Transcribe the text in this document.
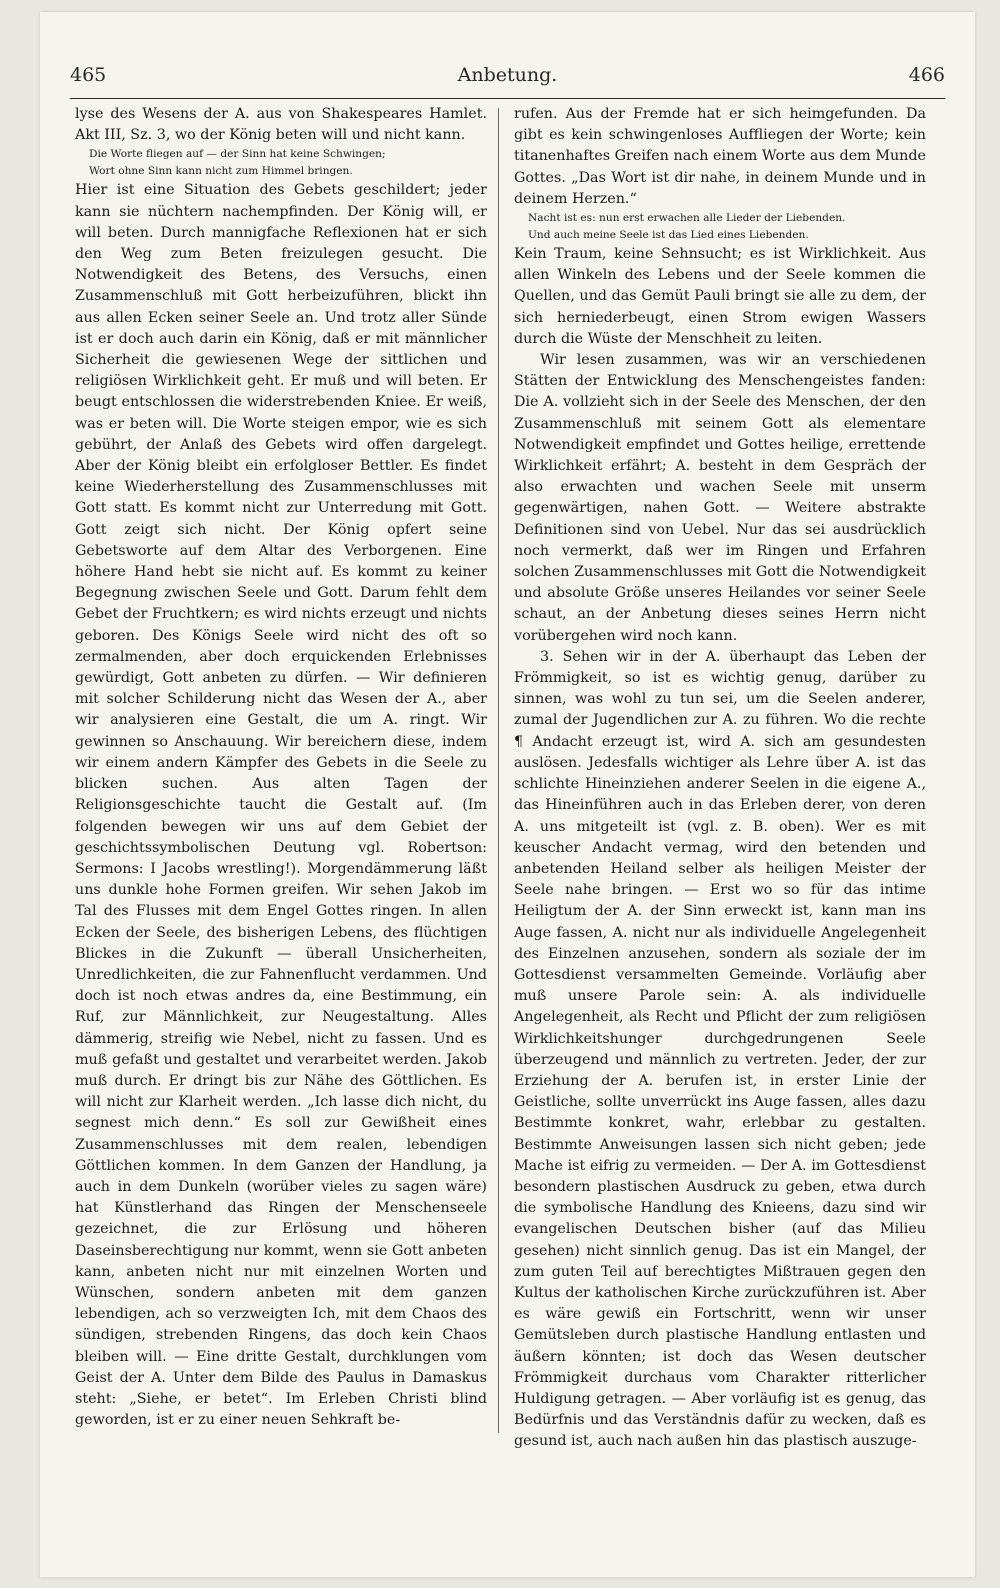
465	Anbetung.	466

lyse des Wesens der A. aus von Shakespeares Hamlet. Akt III, Sz. 3, wo der König beten will und nicht kann.

Die Worte fliegen auf — der Sinn hat keine Schwingen;

Wort ohne Sinn kann nicht zum Himmel bringen.

Hier ist eine Situation des Gebets geschildert; jeder kann sie nüchtern nachempfinden. Der König will, er will beten. Durch mannigfache Reflexionen hat er sich den Weg zum Beten freizulegen gesucht. Die Notwendigkeit des Betens, des Versuchs, einen Zusammenschluß mit Gott herbeizuführen, blickt ihn aus allen Ecken seiner Seele an. Und trotz aller Sünde ist er doch auch darin ein König, daß er mit männlicher Sicherheit die gewiesenen Wege der sittlichen und religiösen Wirklichkeit geht. Er muß und will beten. Er beugt entschlossen die widerstrebenden Kniee. Er weiß, was er beten will. Die Worte steigen empor, wie es sich gebührt, der Anlaß des Gebets wird offen dargelegt. Aber der König bleibt ein erfolgloser Bettler. Es findet keine Wiederherstellung des Zusammenschlusses mit Gott statt. Es kommt nicht zur Unterredung mit Gott. Gott zeigt sich nicht. Der König opfert seine Gebetsworte auf dem Altar des Verborgenen. Eine höhere Hand hebt sie nicht auf. Es kommt zu keiner Begegnung zwischen Seele und Gott. Darum fehlt dem Gebet der Fruchtkern; es wird nichts erzeugt und nichts geboren. Des Königs Seele wird nicht des oft so zermalmenden, aber doch erquickenden Erlebnisses gewürdigt, Gott anbeten zu dürfen. — Wir definieren mit solcher Schilderung nicht das Wesen der A., aber wir analysieren eine Gestalt, die um A. ringt. Wir gewinnen so Anschauung. Wir bereichern diese, indem wir einem andern Kämpfer des Gebets in die Seele zu blicken suchen. Aus alten Tagen der Religionsgeschichte taucht die Gestalt auf. (Im folgenden bewegen wir uns auf dem Gebiet der geschichtssymbolischen Deutung vgl. Robertson: Sermons: I Jacobs wrestling!). Morgendämmerung läßt uns dunkle hohe Formen greifen. Wir sehen Jakob im Tal des Flusses mit dem Engel Gottes ringen. In allen Ecken der Seele, des bisherigen Lebens, des flüchtigen Blickes in die Zukunft — überall Unsicherheiten, Unredlichkeiten, die zur Fahnenflucht verdammen. Und doch ist noch etwas andres da, eine Bestimmung, ein Ruf, zur Männlichkeit, zur Neugestaltung. Alles dämmerig, streifig wie Nebel, nicht zu fassen. Und es muß gefaßt und gestaltet und verarbeitet werden. Jakob muß durch. Er dringt bis zur Nähe des Göttlichen. Es will nicht zur Klarheit werden. „Ich lasse dich nicht, du segnest mich denn.“ Es soll zur Gewißheit eines Zusammenschlusses mit dem realen, lebendigen Göttlichen kommen. In dem Ganzen der Handlung, ja auch in dem Dunkeln (worüber vieles zu sagen wäre) hat Künstlerhand das Ringen der Menschenseele gezeichnet, die zur Erlösung und höheren Daseinsberechtigung nur kommt, wenn sie Gott anbeten kann, anbeten nicht nur mit einzelnen Worten und Wünschen, sondern anbeten mit dem ganzen lebendigen, ach so verzweigten Ich, mit dem Chaos des sündigen, strebenden Ringens, das doch kein Chaos bleiben will. — Eine dritte Gestalt, durchklungen vom Geist der A. Unter dem Bilde des Paulus in Damaskus steht: „Siehe, er betet“. Im Erleben Christi blind geworden, ist er zu einer neuen Sehkraft be-

rufen. Aus der Fremde hat er sich heimgefunden. Da gibt es kein schwingenloses Auffliegen der Worte; kein titanenhaftes Greifen nach einem Worte aus dem Munde Gottes. „Das Wort ist dir nahe, in deinem Munde und in deinem Herzen.“

Nacht ist es: nun erst erwachen alle Lieder der Liebenden.

Und auch meine Seele ist das Lied eines Liebenden.

Kein Traum, keine Sehnsucht; es ist Wirklichkeit. Aus allen Winkeln des Lebens und der Seele kommen die Quellen, und das Gemüt Pauli bringt sie alle zu dem, der sich herniederbeugt, einen Strom ewigen Wassers durch die Wüste der Menschheit zu leiten.

Wir lesen zusammen, was wir an verschiedenen Stätten der Entwicklung des Menschengeistes fanden: Die A. vollzieht sich in der Seele des Menschen, der den Zusammenschluß mit seinem Gott als elementare Notwendigkeit empfindet und Gottes heilige, errettende Wirklichkeit erfährt; A. besteht in dem Gespräch der also erwachten und wachen Seele mit unserm gegenwärtigen, nahen Gott. — Weitere abstrakte Definitionen sind von Uebel. Nur das sei ausdrücklich noch vermerkt, daß wer im Ringen und Erfahren solchen Zusammenschlusses mit Gott die Notwendigkeit und absolute Größe unseres Heilandes vor seiner Seele schaut, an der Anbetung dieses seines Herrn nicht vorübergehen wird noch kann.

3. Sehen wir in der A. überhaupt das Leben der Frömmigkeit, so ist es wichtig genug, darüber zu sinnen, was wohl zu tun sei, um die Seelen anderer, zumal der Jugendlichen zur A. zu führen. Wo die rechte ¶ Andacht erzeugt ist, wird A. sich am gesundesten auslösen. Jedesfalls wichtiger als Lehre über A. ist das schlichte Hineinziehen anderer Seelen in die eigene A., das Hineinführen auch in das Erleben derer, von deren A. uns mitgeteilt ist (vgl. z. B. oben). Wer es mit keuscher Andacht vermag, wird den betenden und anbetenden Heiland selber als heiligen Meister der Seele nahe bringen. — Erst wo so für das intime Heiligtum der A. der Sinn erweckt ist, kann man ins Auge fassen, A. nicht nur als individuelle Angelegenheit des Einzelnen anzusehen, sondern als soziale der im Gottesdienst versammelten Gemeinde. Vorläufig aber muß unsere Parole sein: A. als individuelle Angelegenheit, als Recht und Pflicht der zum religiösen Wirklichkeitshunger durchgedrungenen Seele überzeugend und männlich zu vertreten. Jeder, der zur Erziehung der A. berufen ist, in erster Linie der Geistliche, sollte unverrückt ins Auge fassen, alles dazu Bestimmte konkret, wahr, erlebbar zu gestalten. Bestimmte Anweisungen lassen sich nicht geben; jede Mache ist eifrig zu vermeiden. — Der A. im Gottesdienst besondern plastischen Ausdruck zu geben, etwa durch die symbolische Handlung des Knieens, dazu sind wir evangelischen Deutschen bisher (auf das Milieu gesehen) nicht sinnlich genug. Das ist ein Mangel, der zum guten Teil auf berechtigtes Mißtrauen gegen den Kultus der katholischen Kirche zurückzuführen ist. Aber es wäre gewiß ein Fortschritt, wenn wir unser Gemütsleben durch plastische Handlung entlasten und äußern könnten; ist doch das Wesen deutscher Frömmigkeit durchaus vom Charakter ritterlicher Huldigung getragen. — Aber vorläufig ist es genug, das Bedürfnis und das Verständnis dafür zu wecken, daß es gesund ist, auch nach außen hin das plastisch auszuge-
